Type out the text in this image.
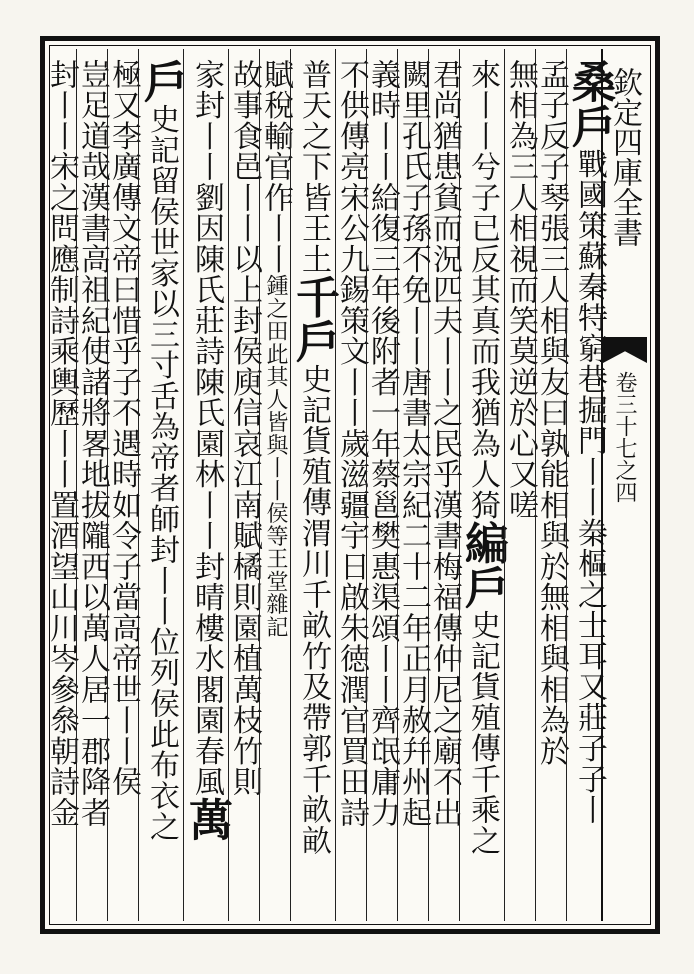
欽定四庫全書
卷三十七之四
桑戶戰國策蘇秦特窮巷掘門丨丨桊樞之士耳又莊子子丨
孟子反子琴張三人相與友曰孰能相與於無相與相為於
無相為三人相視而笑莫逆於心又嗟
來丨丨兮子已反其真而我猶為人猗編戶史記貨殖傳千乘之
君尚猶患貧而況匹夫丨丨之民乎漢書梅福傳仲尼之廟不出
闕里孔氏子孫不免丨丨唐書太宗紀二十二年正月赦幷州起
義時丨丨給復三年後附者一年蔡邕樊惠渠頌丨丨齊氓庸力
不供傳亮宋公九錫策文丨丨歲滋疆宇日啟朱徳潤官買田詩
普天之下皆王土千戶史記貨殖傳渭川千畝竹及帶郭千畝畝
賦稅輸官作丨丨鍾之田此其人皆與丨丨侯等王堂雜記
故事食邑丨丨以上封侯庾信哀江南賦橘則園植萬枝竹則
家封丨丨劉因陳氏莊詩陳氏園林丨丨封晴樓水閣園春風萬
戶史記留侯世家以三寸舌為帝者師封丨丨位列侯此布衣之
極又李廣傳文帝曰惜乎子不遇時如令子當高帝世丨丨侯
豈足道哉漢書高祖紀使諸將畧地拔隴西以萬人居一郡降者
封丨丨宋之問應制詩乘輿歷丨丨置酒望山川岑參叅朝詩金
